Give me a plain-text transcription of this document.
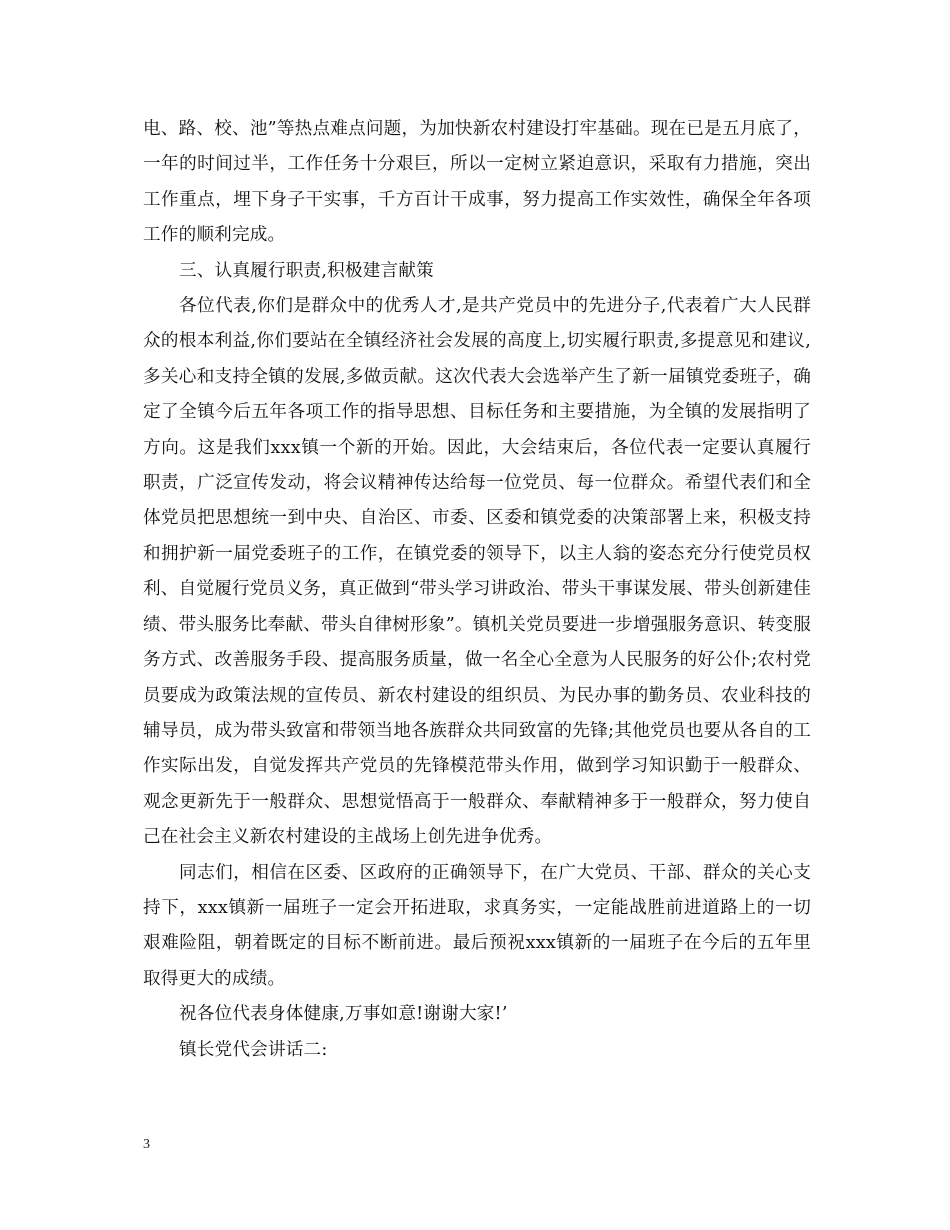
电、路、校、池”等热点难点问题，为加快新农村建设打牢基础。现在已是五月底了，一年的时间过半，工作任务十分艰巨，所以一定树立紧迫意识，采取有力措施，突出工作重点，埋下身子干实事，千方百计干成事，努力提高工作实效性，确保全年各项工作的顺利完成。

三、认真履行职责,积极建言献策

各位代表,你们是群众中的优秀人才,是共产党员中的先进分子,代表着广大人民群众的根本利益,你们要站在全镇经济社会发展的高度上,切实履行职责,多提意见和建议,多关心和支持全镇的发展,多做贡献。这次代表大会选举产生了新一届镇党委班子，确定了全镇今后五年各项工作的指导思想、目标任务和主要措施，为全镇的发展指明了方向。这是我们xxx镇一个新的开始。因此，大会结束后，各位代表一定要认真履行职责，广泛宣传发动，将会议精神传达给每一位党员、每一位群众。希望代表们和全体党员把思想统一到中央、自治区、市委、区委和镇党委的决策部署上来，积极支持和拥护新一届党委班子的工作，在镇党委的领导下，以主人翁的姿态充分行使党员权利、自觉履行党员义务，真正做到“带头学习讲政治、带头干事谋发展、带头创新建佳绩、带头服务比奉献、带头自律树形象”。镇机关党员要进一步增强服务意识、转变服务方式、改善服务手段、提高服务质量，做一名全心全意为人民服务的好公仆;农村党员要成为政策法规的宣传员、新农村建设的组织员、为民办事的勤务员、农业科技的辅导员，成为带头致富和带领当地各族群众共同致富的先锋;其他党员也要从各自的工作实际出发，自觉发挥共产党员的先锋模范带头作用，做到学习知识勤于一般群众、观念更新先于一般群众、思想觉悟高于一般群众、奉献精神多于一般群众，努力使自己在社会主义新农村建设的主战场上创先进争优秀。

同志们，相信在区委、区政府的正确领导下，在广大党员、干部、群众的关心支持下，xxx镇新一届班子一定会开拓进取，求真务实，一定能战胜前进道路上的一切艰难险阻，朝着既定的目标不断前进。最后预祝xxx镇新的一届班子在今后的五年里取得更大的成绩。

祝各位代表身体健康,万事如意!谢谢大家!’

镇长党代会讲话二:

3
